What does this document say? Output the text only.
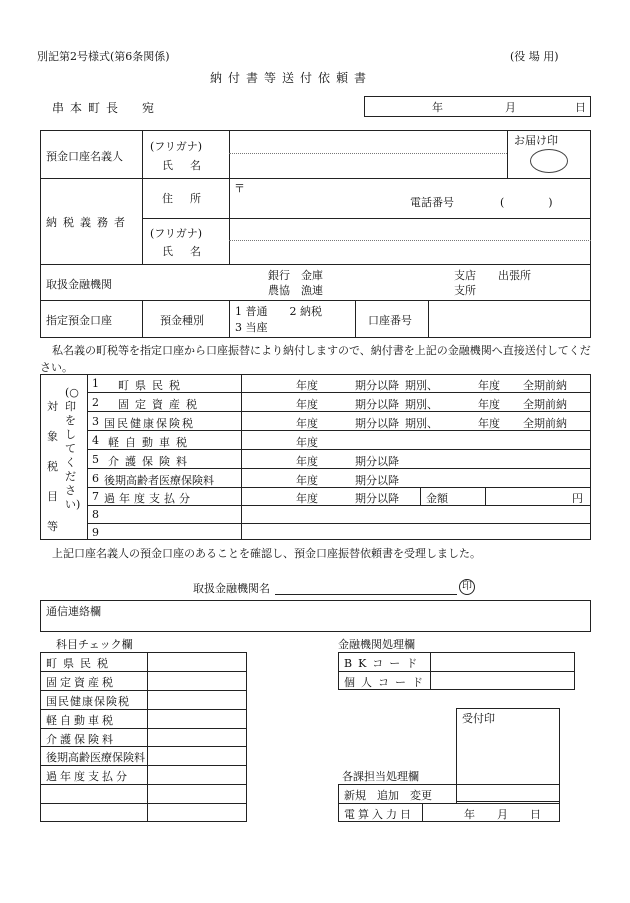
別記第2号様式(第6条関係)	(役 場 用)
納付書等送付依頼書
串本町長　宛	年	月	日
預金口座名義人
(フリガナ)
氏　名
お届け印
納税義務者
住　所
〒
電話番号	(　　　　)
(フリガナ)
氏　名
取扱金融機関
銀行　金庫
農協　漁連
支店　　出張所
支所
指定預金口座	預金種別
1 普通　　2 納税
3 当座
口座番号
私名義の町税等を指定口座から口座振替により納付しますので、納付書を上記の金融機関へ直接送付してください。
対象税目等
(○印をしてください)
1 町県民税	年度	期分以降 期別、	年度 全期前納
2 固定資産税	年度	期分以降 期別、	年度 全期前納
3 国民健康保険税	年度	期分以降 期別、	年度 全期前納
4 軽自動車税	年度
5 介護保険料	年度	期分以降
6 後期高齢者医療保険料	年度	期分以降
7 過年度支払分	年度	期分以降 金額	円
8
9
上記口座名義人の預金口座のあることを確認し、預金口座振替依頼書を受理しました。
取扱金融機関名	印
通信連絡欄
科目チェック欄
町県民税
固定資産税
国民健康保険税
軽自動車税
介護保険料
後期高齢医療保険料
過年度支払分
金融機関処理欄
BKコード
個人コード
受付印
各課担当処理欄
新規　追加　変更
電算入力日	年　　月　　日
